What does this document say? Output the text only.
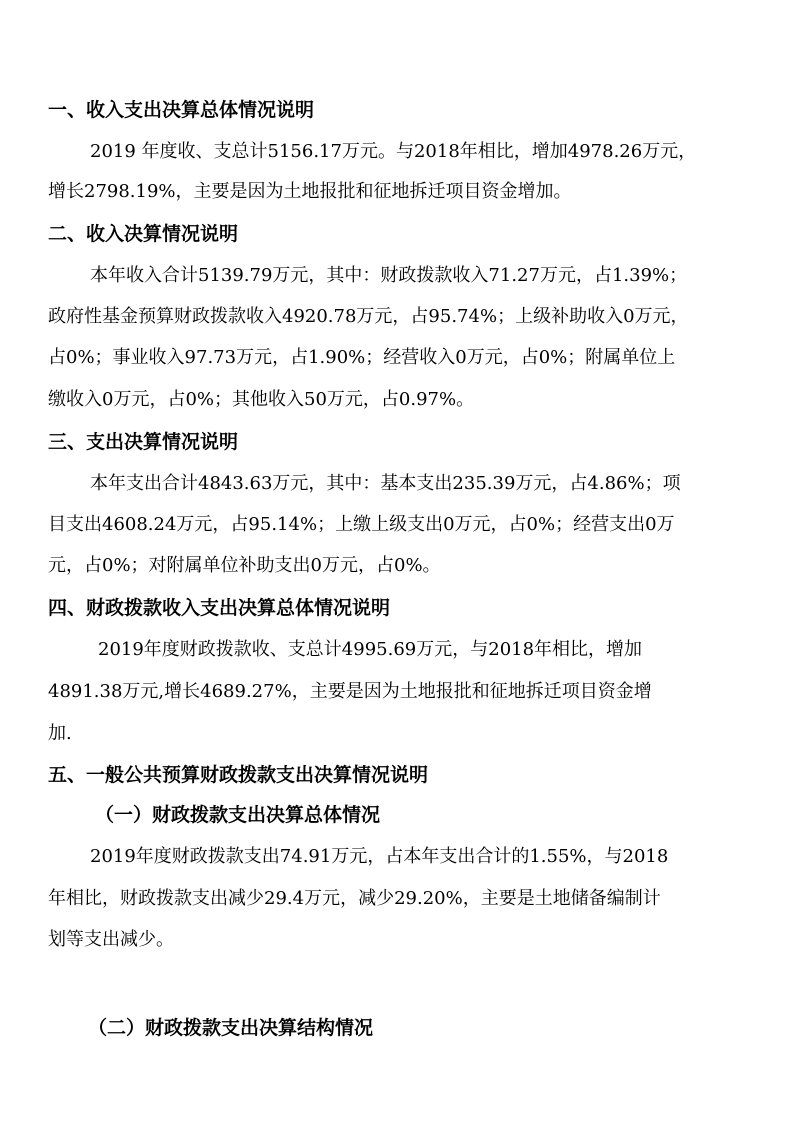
一、收入支出决算总体情况说明

2019 年度收、支总计5156.17万元。与2018年相比，增加4978.26万元，

增长2798.19%，主要是因为土地报批和征地拆迁项目资金增加。

二、收入决算情况说明

本年收入合计5139.79万元，其中：财政拨款收入71.27万元，占1.39%；

政府性基金预算财政拨款收入4920.78万元，占95.74%；上级补助收入0万元，

占0%；事业收入97.73万元，占1.90%；经营收入0万元，占0%；附属单位上

缴收入0万元，占0%；其他收入50万元，占0.97%。

三、支出决算情况说明

本年支出合计4843.63万元，其中：基本支出235.39万元，占4.86%；项

目支出4608.24万元，占95.14%；上缴上级支出0万元，占0%；经营支出0万

元，占0%；对附属单位补助支出0万元，占0%。

四、财政拨款收入支出决算总体情况说明

2019年度财政拨款收、支总计4995.69万元，与2018年相比，增加

4891.38万元,增长4689.27%，主要是因为土地报批和征地拆迁项目资金增

加.

五、一般公共预算财政拨款支出决算情况说明
（一）财政拨款支出决算总体情况

2019年度财政拨款支出74.91万元，占本年支出合计的1.55%，与2018

年相比，财政拨款支出减少29.4万元，减少29.20%，主要是土地储备编制计

划等支出减少。

（二）财政拨款支出决算结构情况
